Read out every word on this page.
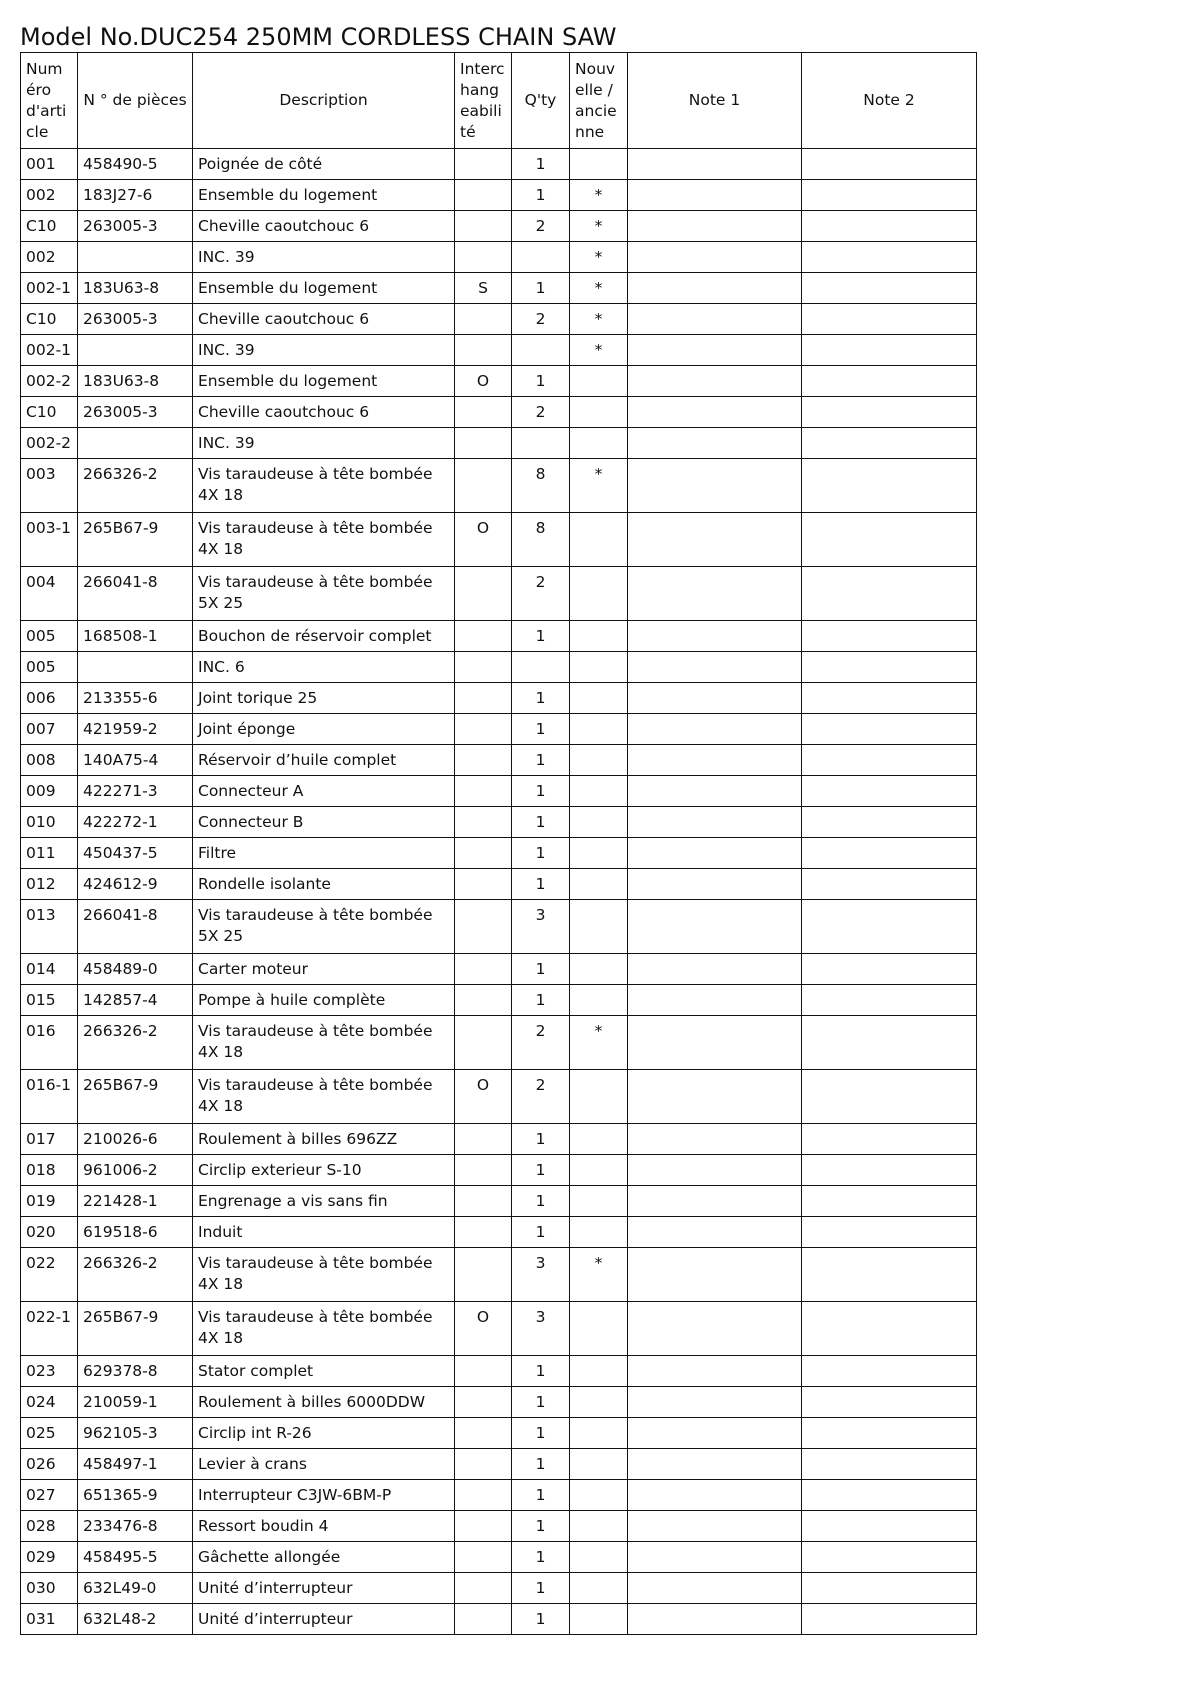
Model No.DUC254 250MM CORDLESS CHAIN SAW
Numéro d'article	N ° de pièces	Description	Interchangeabilité	Q'ty	Nouvelle / ancienne	Note 1	Note 2
001	458490-5	Poignée de côté		1			
002	183J27-6	Ensemble du logement		1	*		
C10	263005-3	Cheville caoutchouc 6		2	*		
002		INC. 39			*		
002-1	183U63-8	Ensemble du logement	S	1	*		
C10	263005-3	Cheville caoutchouc 6		2	*		
002-1		INC. 39			*		
002-2	183U63-8	Ensemble du logement	O	1			
C10	263005-3	Cheville caoutchouc 6		2			
002-2		INC. 39					
003	266326-2	Vis taraudeuse à tête bombée 4X 18		8	*		
003-1	265B67-9	Vis taraudeuse à tête bombée 4X 18	O	8			
004	266041-8	Vis taraudeuse à tête bombée 5X 25		2			
005	168508-1	Bouchon de réservoir complet		1			
005		INC. 6					
006	213355-6	Joint torique 25		1			
007	421959-2	Joint éponge		1			
008	140A75-4	Réservoir d’huile complet		1			
009	422271-3	Connecteur A		1			
010	422272-1	Connecteur B		1			
011	450437-5	Filtre		1			
012	424612-9	Rondelle isolante		1			
013	266041-8	Vis taraudeuse à tête bombée 5X 25		3			
014	458489-0	Carter moteur		1			
015	142857-4	Pompe à huile complète		1			
016	266326-2	Vis taraudeuse à tête bombée 4X 18		2	*		
016-1	265B67-9	Vis taraudeuse à tête bombée 4X 18	O	2			
017	210026-6	Roulement à billes 696ZZ		1			
018	961006-2	Circlip exterieur S-10		1			
019	221428-1	Engrenage a vis sans fin		1			
020	619518-6	Induit		1			
022	266326-2	Vis taraudeuse à tête bombée 4X 18		3	*		
022-1	265B67-9	Vis taraudeuse à tête bombée 4X 18	O	3			
023	629378-8	Stator complet		1			
024	210059-1	Roulement à billes 6000DDW		1			
025	962105-3	Circlip int R-26		1			
026	458497-1	Levier à crans		1			
027	651365-9	Interrupteur C3JW-6BM-P		1			
028	233476-8	Ressort boudin 4		1			
029	458495-5	Gâchette allongée		1			
030	632L49-0	Unité d’interrupteur		1			
031	632L48-2	Unité d’interrupteur		1			
